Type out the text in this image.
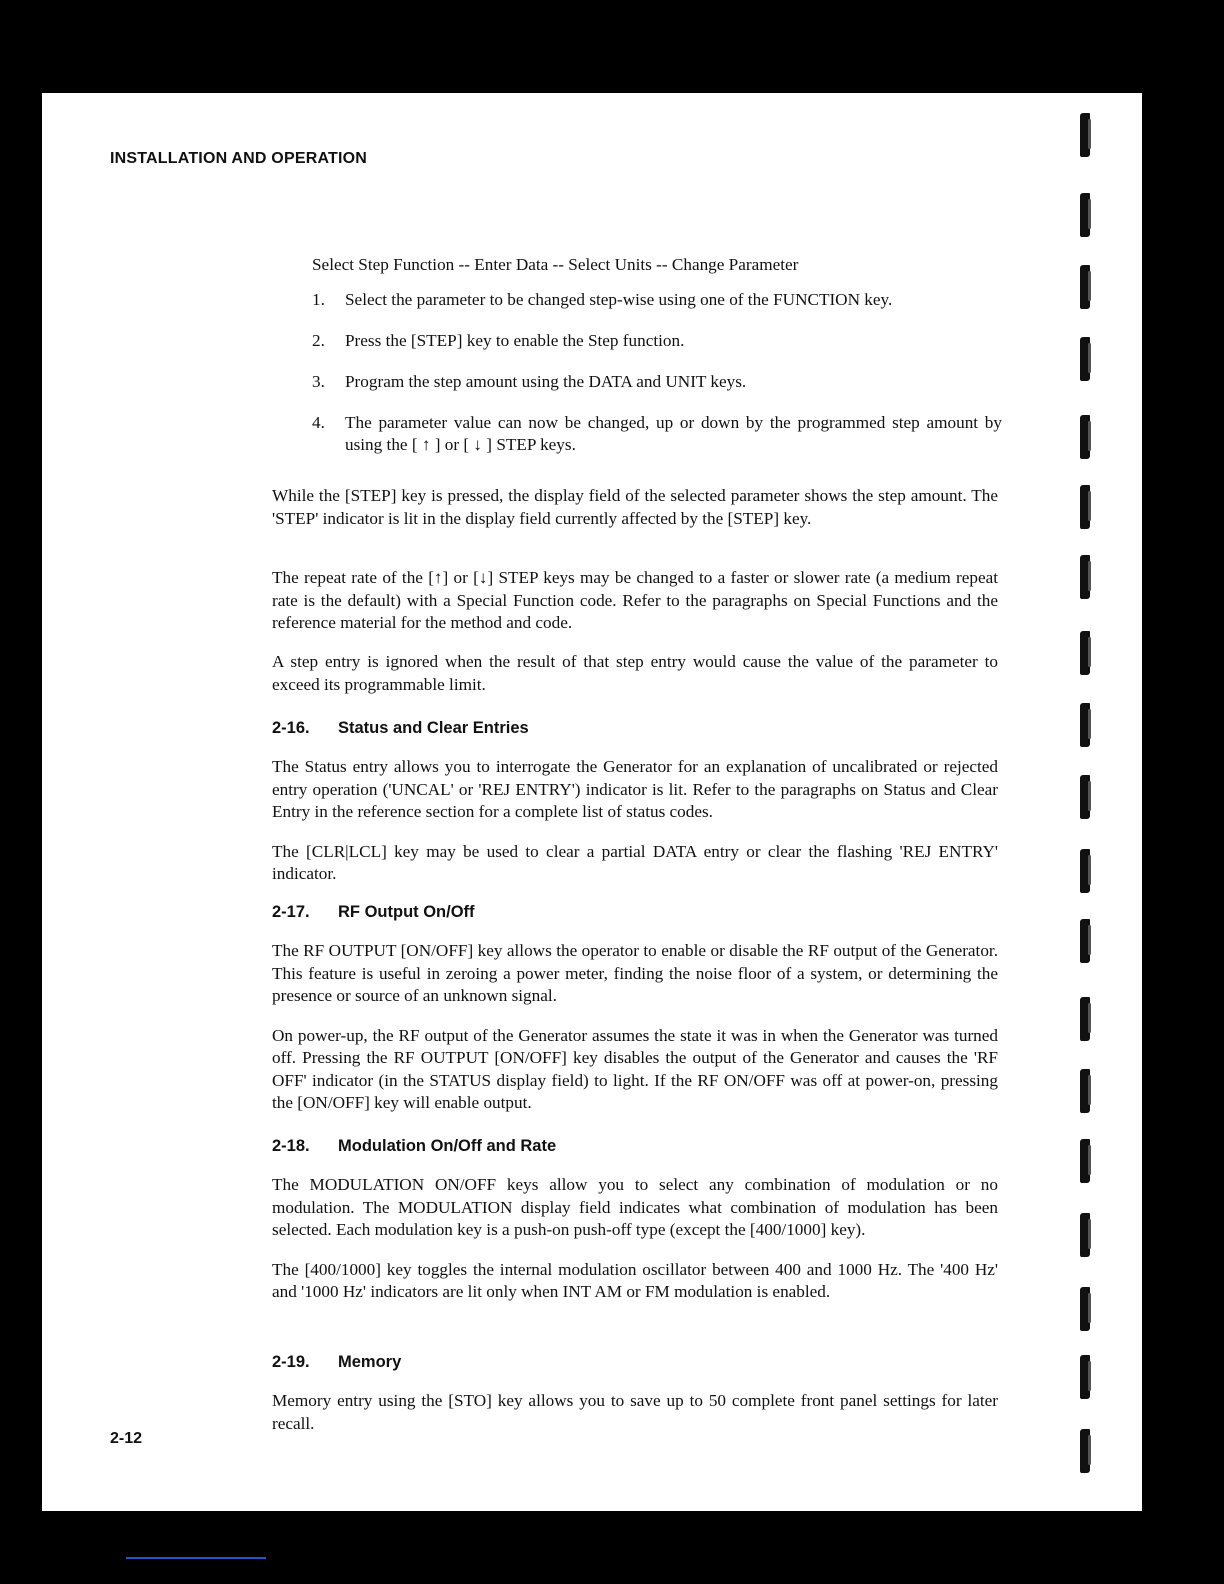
INSTALLATION AND OPERATION
Select Step Function -- Enter Data -- Select Units -- Change Parameter
1. Select the parameter to be changed step-wise using one of the FUNCTION key.
2. Press the [STEP] key to enable the Step function.
3. Program the step amount using the DATA and UNIT keys.
4. The parameter value can now be changed, up or down by the programmed step amount by using the [ ↑ ] or [ ↓ ] STEP keys.
While the [STEP] key is pressed, the display field of the selected parameter shows the step amount. The 'STEP' indicator is lit in the display field currently affected by the [STEP] key.
The repeat rate of the [↑] or [↓] STEP keys may be changed to a faster or slower rate (a medium repeat rate is the default) with a Special Function code. Refer to the paragraphs on Special Functions and the reference material for the method and code.
A step entry is ignored when the result of that step entry would cause the value of the parameter to exceed its programmable limit.
2-16. Status and Clear Entries

The Status entry allows you to interrogate the Generator for an explanation of uncalibrated or rejected entry operation ('UNCAL' or 'REJ ENTRY') indicator is lit. Refer to the paragraphs on Status and Clear Entry in the reference section for a complete list of status codes.

The [CLR|LCL] key may be used to clear a partial DATA entry or clear the flashing 'REJ ENTRY' indicator.

2-17. RF Output On/Off

The RF OUTPUT [ON/OFF] key allows the operator to enable or disable the RF output of the Generator. This feature is useful in zeroing a power meter, finding the noise floor of a system, or determining the presence or source of an unknown signal.

On power-up, the RF output of the Generator assumes the state it was in when the Generator was turned off. Pressing the RF OUTPUT [ON/OFF] key disables the output of the Generator and causes the 'RF OFF' indicator (in the STATUS display field) to light. If the RF ON/OFF was off at power-on, pressing the [ON/OFF] key will enable output.

2-18. Modulation On/Off and Rate

The MODULATION ON/OFF keys allow you to select any combination of modulation or no modulation. The MODULATION display field indicates what combination of modulation has been selected. Each modulation key is a push-on push-off type (except the [400/1000] key).

The [400/1000] key toggles the internal modulation oscillator between 400 and 1000 Hz. The '400 Hz' and '1000 Hz' indicators are lit only when INT AM or FM modulation is enabled.

2-19. Memory

Memory entry using the [STO] key allows you to save up to 50 complete front panel settings for later recall.

2-12
